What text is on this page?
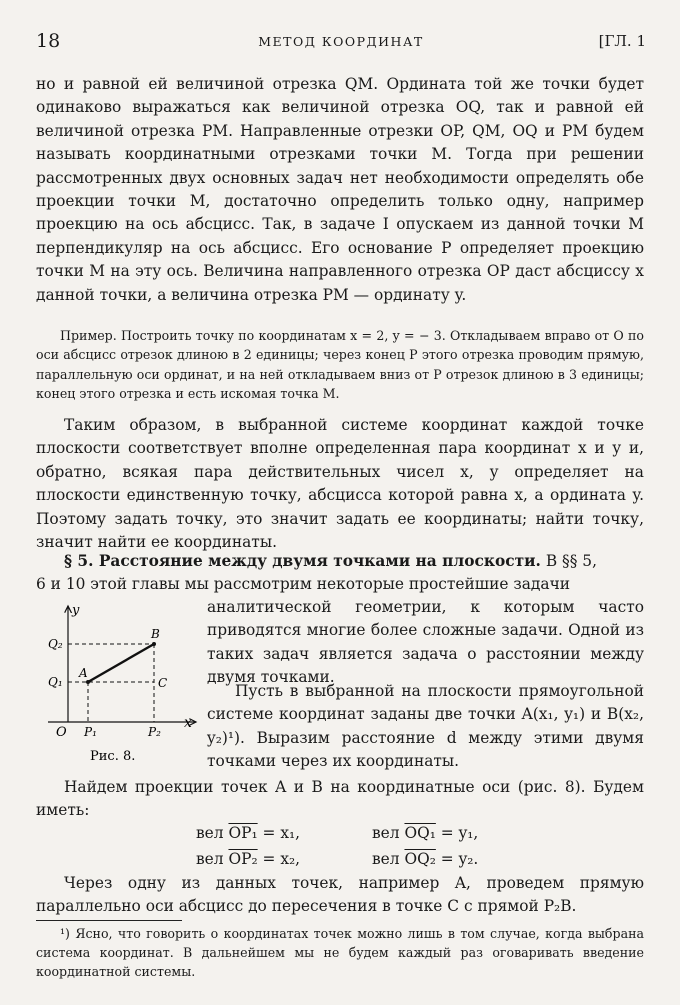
18	МЕТОД КООРДИНАТ	[ГЛ. 1
но и равной ей величиной отрезка QM. Ордината той же точки будет одинаково выражаться как величиной отрезка OQ, так и равной ей величиной отрезка PM. Направленные отрезки OP, QM, OQ и PM будем называть координатными отрезками точки M. Тогда при решении рассмотренных двух основных задач нет необходимости определять обе проекции точки M, достаточно определить только одну, например проекцию на ось абсцисс. Так, в задаче I опускаем из данной точки M перпендикуляр на ось абсцисс. Его основание P определяет проекцию точки M на эту ось. Величина направленного отрезка OP даст абсциссу x данной точки, а величина отрезка PM — ординату y.
Пример. Построить точку по координатам x = 2, y = − 3. Откладываем вправо от O по оси абсцисс отрезок длиною в 2 единицы; через конец P этого отрезка проводим прямую, параллельную оси ординат, и на ней откладываем вниз от P отрезок длиною в 3 единицы; конец этого отрезка и есть искомая точка M.
Таким образом, в выбранной системе координат каждой точке плоскости соответствует вполне определенная пара координат x и y и, обратно, всякая пара действительных чисел x, y определяет на плоскости единственную точку, абсцисса которой равна x, а ордината y. Поэтому задать точку, это значит задать ее координаты; найти точку, значит найти ее координаты.
§ 5. Расстояние между двумя точками на плоскости. В §§ 5,
6 и 10 этой главы мы рассмотрим некоторые простейшие задачи
y
x
O
Q₂
Q₁
P₁	P₂
A
B
C
Рис. 8.
аналитической геометрии, к которым часто приводятся многие более сложные задачи. Одной из таких задач является задача о расстоянии между двумя точками.
Пусть в выбранной на плоскости прямоугольной системе координат заданы две точки A(x₁, y₁) и B(x₂, y₂)¹). Выразим расстояние d между этими двумя точками через их координаты.
Найдем проекции точек A и B на координатные оси (рис. 8). Будем иметь:
вел OP₁ = x₁,	вел OQ₁ = y₁,
вел OP₂ = x₂,	вел OQ₂ = y₂.
Через одну из данных точек, например A, проведем прямую параллельно оси абсцисс до пересечения в точке C с прямой P₂B.
¹) Ясно, что говорить о координатах точек можно лишь в том случае, когда выбрана система координат. В дальнейшем мы не будем каждый раз оговаривать введение координатной системы.
